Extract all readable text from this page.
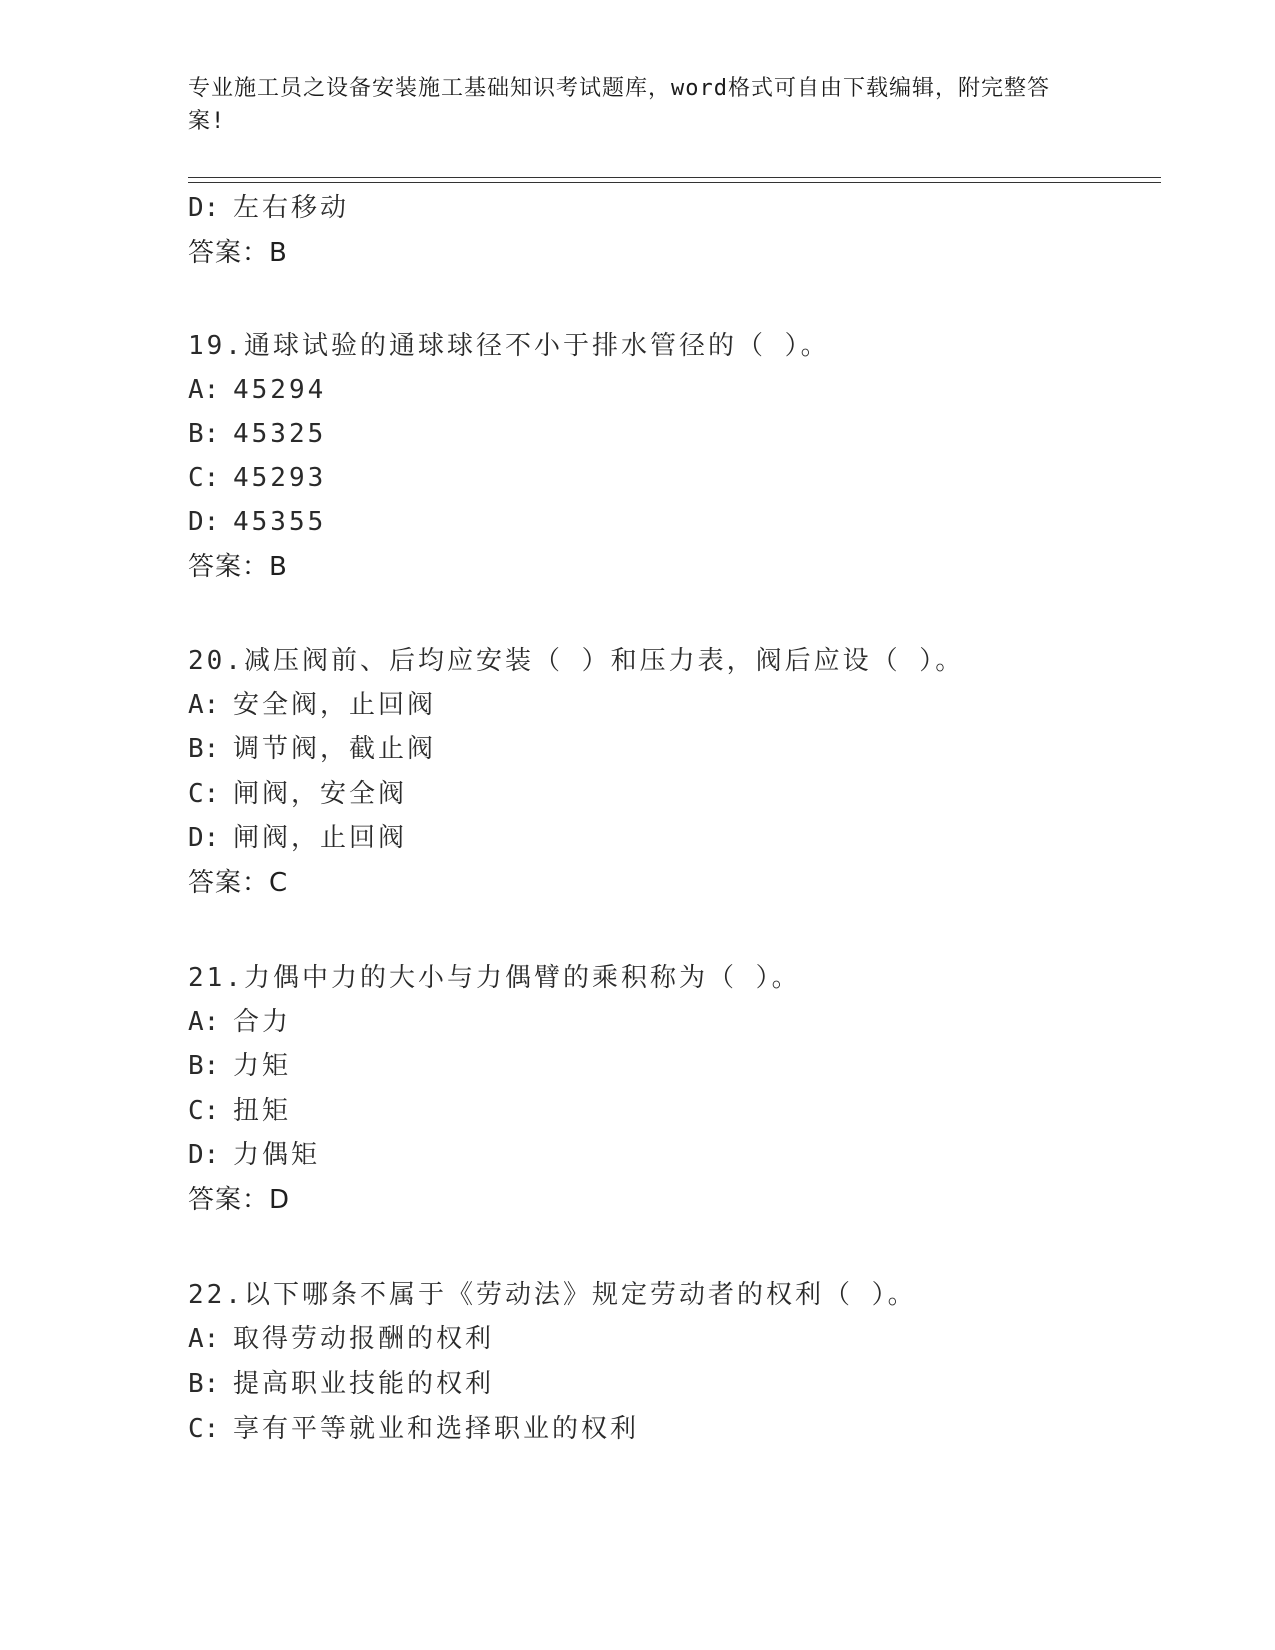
专业施工员之设备安装施工基础知识考试题库，word格式可自由下载编辑，附完整答案!
D: 左右移动
答案：B
19.通球试验的通球球径不小于排水管径的（ ）。
A: 45294
B: 45325
C: 45293
D: 45355
答案：B
20.减压阀前、后均应安装（ ）和压力表，阀后应设（ ）。
A: 安全阀，止回阀
B: 调节阀，截止阀
C: 闸阀，安全阀
D: 闸阀，止回阀
答案：C
21.力偶中力的大小与力偶臂的乘积称为（ ）。
A: 合力
B: 力矩
C: 扭矩
D: 力偶矩
答案：D
22.以下哪条不属于《劳动法》规定劳动者的权利（ ）。
A: 取得劳动报酬的权利
B: 提高职业技能的权利
C: 享有平等就业和选择职业的权利
